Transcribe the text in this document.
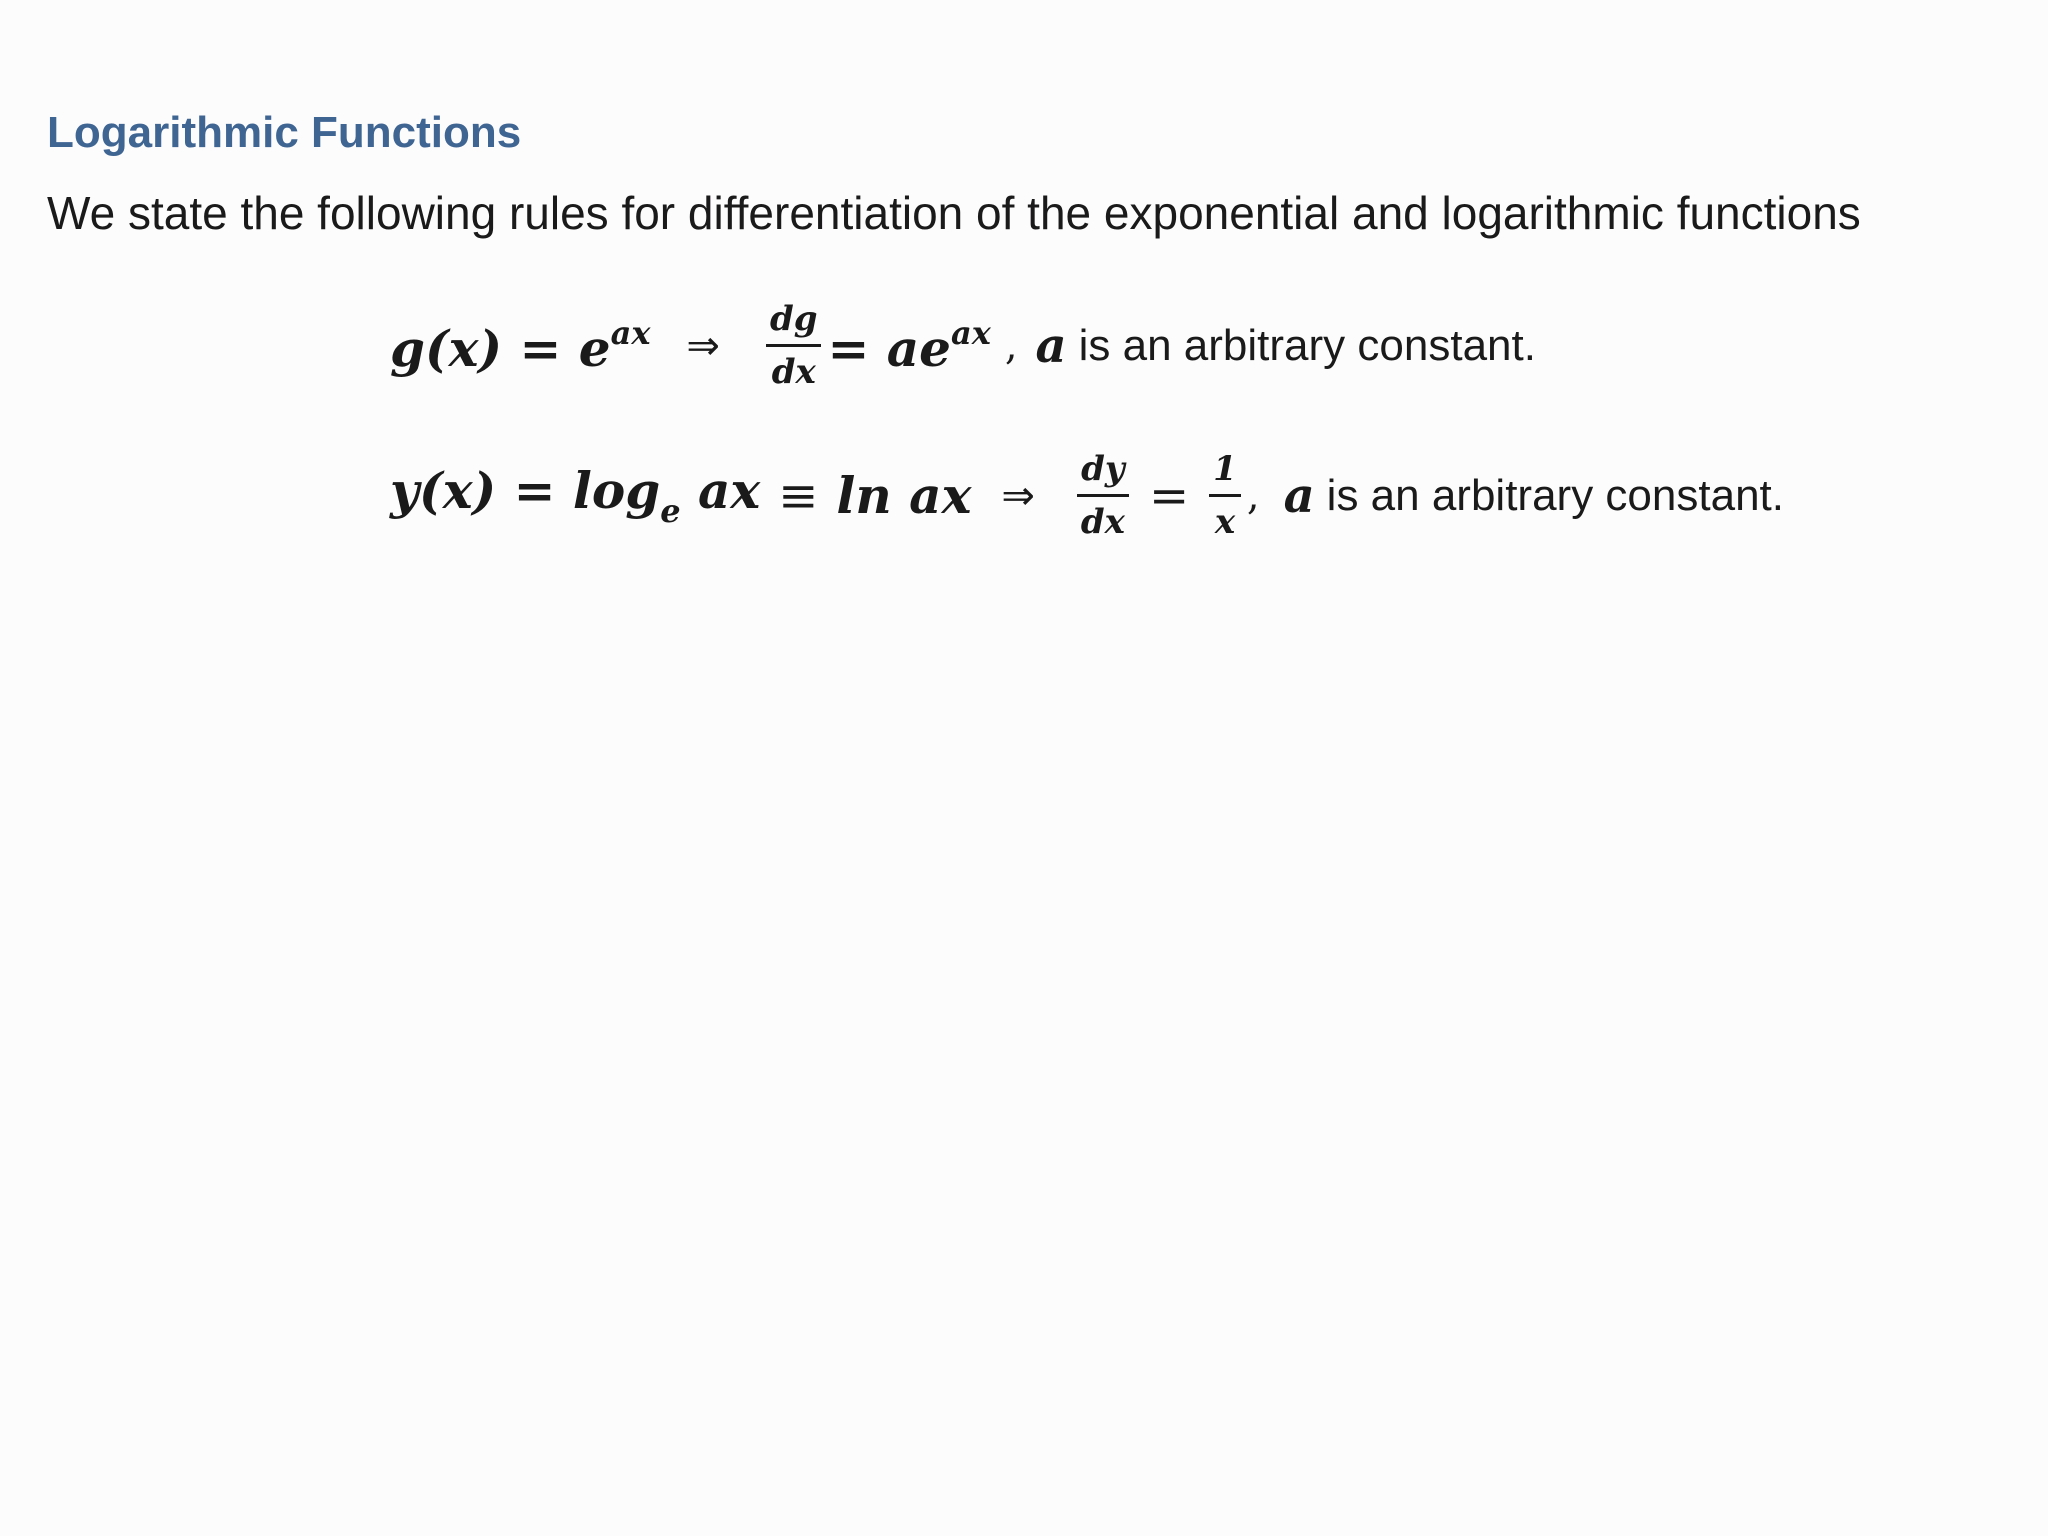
Logarithmic Functions
We state the following rules for differentiation of the exponential and logarithmic functions
$g(x) = e^{ax}$ ⇒ $\frac{dg}{dx} = ae^{ax}$ , a is an arbitrary constant.
$y(x) = \log_e$ ax ≡ ln ax ⇒ $\frac{dy}{dx} = \frac{1}{x}$ , a is an arbitrary constant.
